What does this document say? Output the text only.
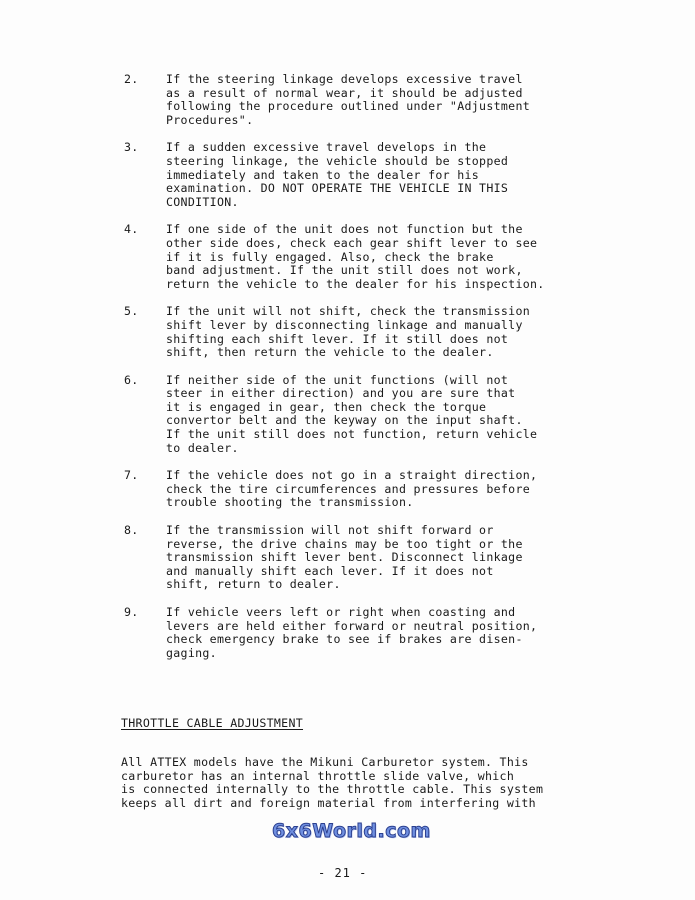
2.	If the steering linkage develops excessive travel
as a result of normal wear, it should be adjusted
following the procedure outlined under "Adjustment
Procedures".
3.	If a sudden excessive travel develops in the
steering linkage, the vehicle should be stopped
immediately and taken to the dealer for his
examination. DO NOT OPERATE THE VEHICLE IN THIS
CONDITION.
4.	If one side of the unit does not function but the
other side does, check each gear shift lever to see
if it is fully engaged. Also, check the brake
band adjustment. If the unit still does not work,
return the vehicle to the dealer for his inspection.
5.	If the unit will not shift, check the transmission
shift lever by disconnecting linkage and manually
shifting each shift lever. If it still does not
shift, then return the vehicle to the dealer.
6.	If neither side of the unit functions (will not
steer in either direction) and you are sure that
it is engaged in gear, then check the torque
convertor belt and the keyway on the input shaft.
If the unit still does not function, return vehicle
to dealer.
7.	If the vehicle does not go in a straight direction,
check the tire circumferences and pressures before
trouble shooting the transmission.
8.	If the transmission will not shift forward or
reverse, the drive chains may be too tight or the
transmission shift lever bent. Disconnect linkage
and manually shift each lever. If it does not
shift, return to dealer.
9.	If vehicle veers left or right when coasting and
levers are held either forward or neutral position,
check emergency brake to see if brakes are disen-
gaging.
THROTTLE CABLE ADJUSTMENT
All ATTEX models have the Mikuni Carburetor system. This
carburetor has an internal throttle slide valve, which
is connected internally to the throttle cable. This system
keeps all dirt and foreign material from interfering with
6x6World.com
- 21 -
